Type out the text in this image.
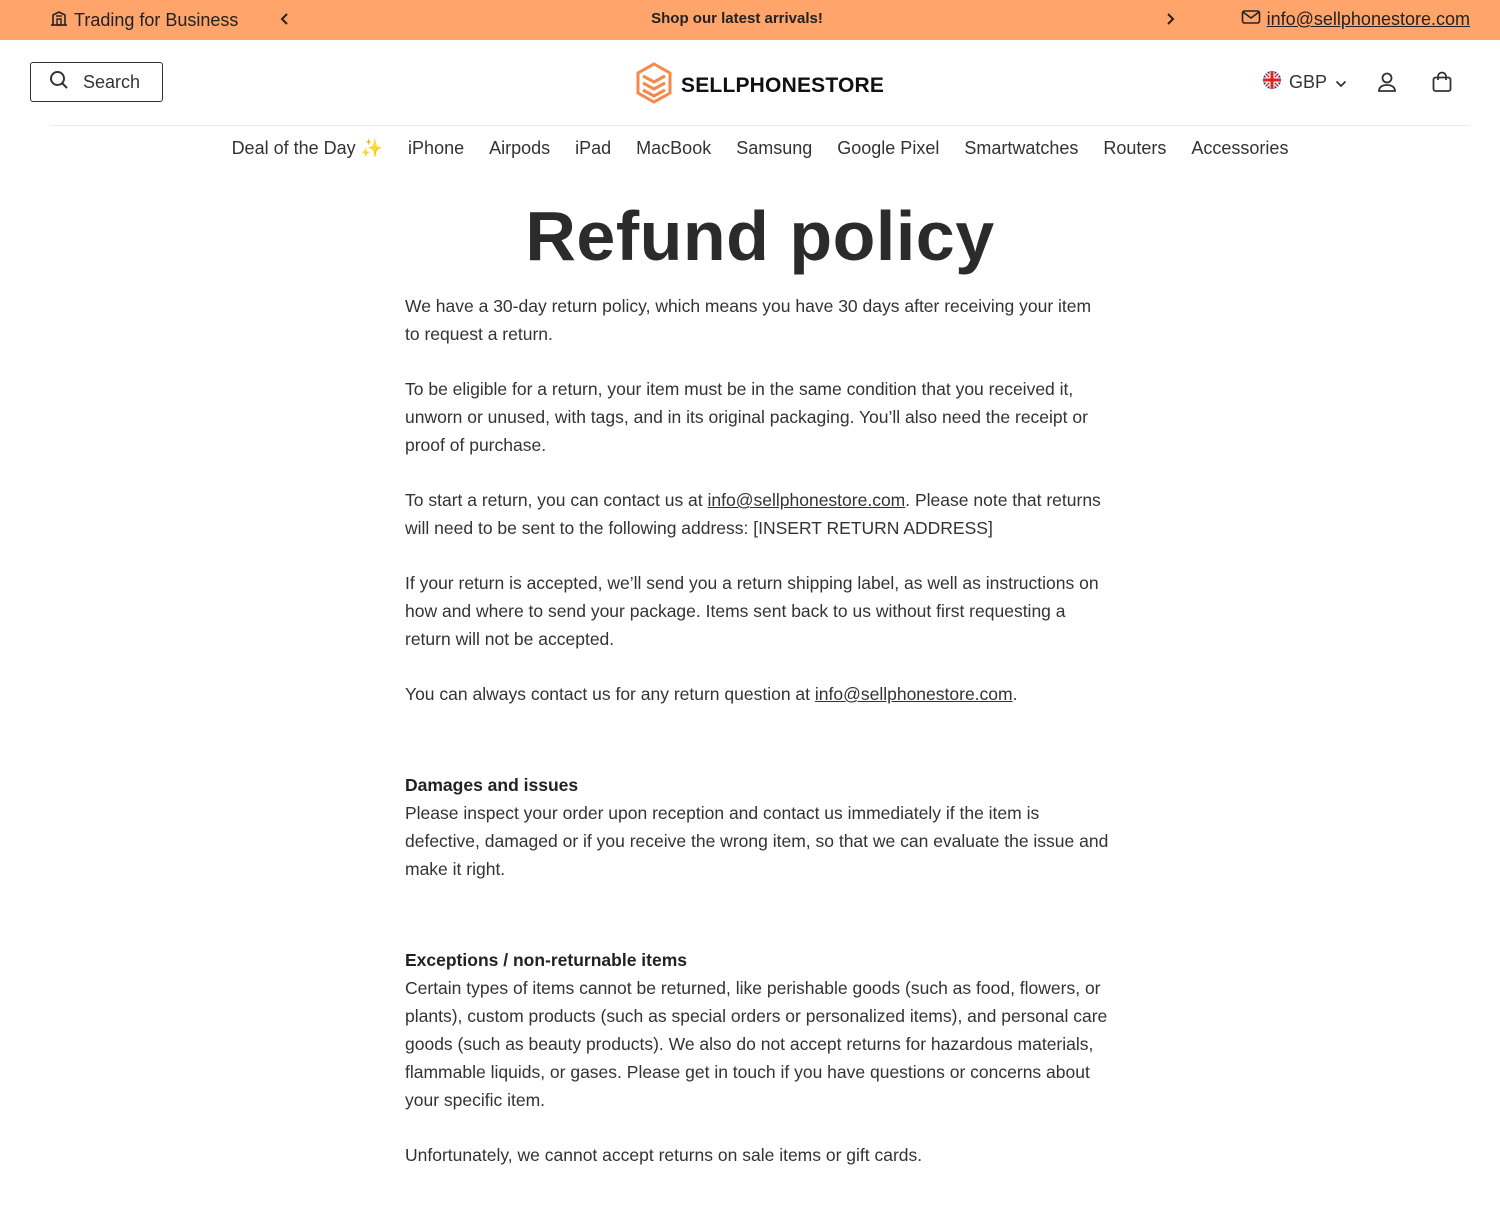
Trading for Business	Shop our latest arrivals!	info@sellphonestore.com
Search	SELLPHONESTORE	GBP
Deal of the Day ✨ iPhone Airpods iPad MacBook Samsung Google Pixel Smartwatches Routers Accessories
Refund policy

We have a 30-day return policy, which means you have 30 days after receiving your item to request a return.

To be eligible for a return, your item must be in the same condition that you received it, unworn or unused, with tags, and in its original packaging. You’ll also need the receipt or proof of purchase.

To start a return, you can contact us at info@sellphonestore.com. Please note that returns will need to be sent to the following address: [INSERT RETURN ADDRESS]

If your return is accepted, we’ll send you a return shipping label, as well as instructions on how and where to send your package. Items sent back to us without first requesting a return will not be accepted.

You can always contact us for any return question at info@sellphonestore.com.

Damages and issues

Please inspect your order upon reception and contact us immediately if the item is defective, damaged or if you receive the wrong item, so that we can evaluate the issue and make it right.

Exceptions / non-returnable items

Certain types of items cannot be returned, like perishable goods (such as food, flowers, or plants), custom products (such as special orders or personalized items), and personal care goods (such as beauty products). We also do not accept returns for hazardous materials, flammable liquids, or gases. Please get in touch if you have questions or concerns about your specific item.

Unfortunately, we cannot accept returns on sale items or gift cards.
